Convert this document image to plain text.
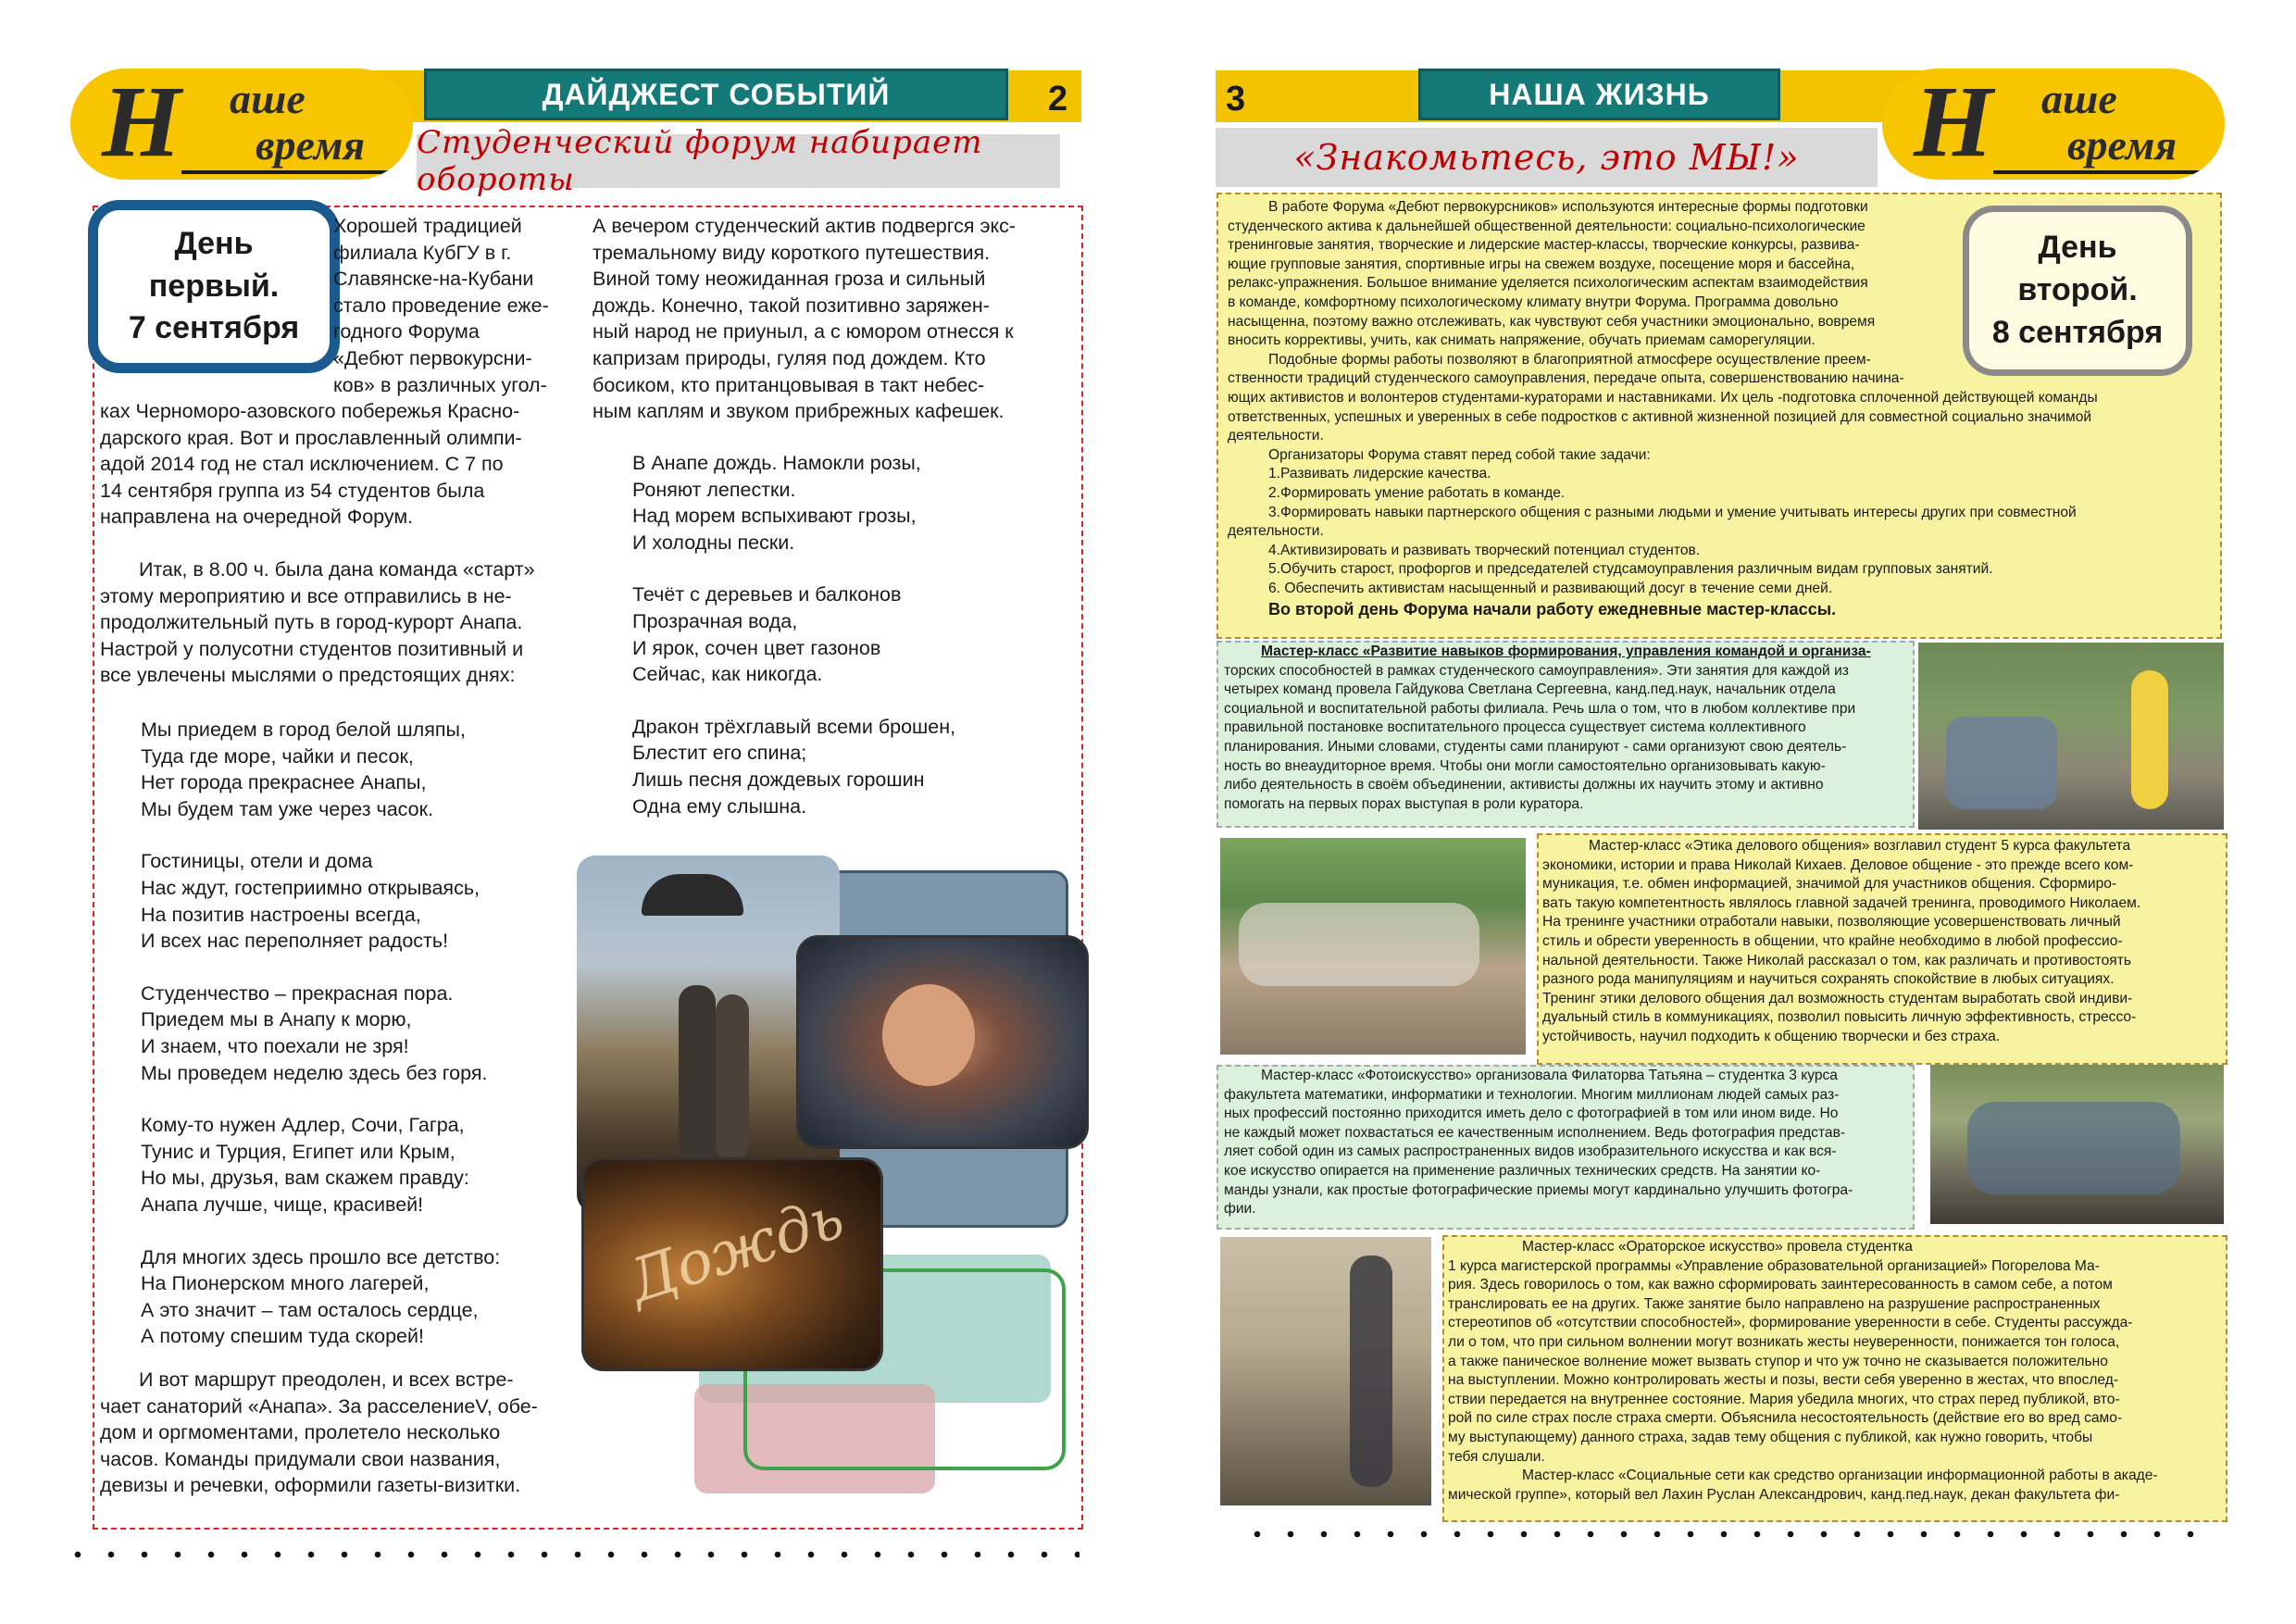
ДАЙДЖЕСТ СОБЫТИЙ	2
Н аше
время Студенческий форум набирает обороты
День
первый.
7 сентября

Хорошей традицией

филиала КубГУ в г.

Славянске-на-Кубани

стало проведение еже-

годного Форума

«Дебют первокурсни-

ков» в различных угол-

ках Черноморо-азовского побережья Красно-

дарского края. Вот и прославленный олимпи-

адой 2014 год не стал исключением. С 7 по

14 сентября группа из 54 студентов была

направлена на очередной Форум.

Итак, в 8.00 ч. была дана команда «старт»

этому мероприятию и все отправились в не-

продолжительный путь в город-курорт Анапа.

Настрой у полусотни студентов позитивный и

все увлечены мыслями о предстоящих днях:

Мы приедем в город белой шляпы,

Туда где море, чайки и песок,

Нет города прекраснее Анапы,

Мы будем там уже через часок.

Гостиницы, отели и дома

Нас ждут, гостеприимно открываясь,

На позитив настроены всегда,

И всех нас переполняет радость!

Студенчество – прекрасная пора.

Приедем мы в Анапу к морю,

И знаем, что поехали не зря!

Мы проведем неделю здесь без горя.

Кому-то нужен Адлер, Сочи, Гагра,

Тунис и Турция, Египет или Крым,

Но мы, друзья, вам скажем правду:

Анапа лучше, чище, красивей!

Для многих здесь прошло все детство:

На Пионерском много лагерей,

А это значит – там осталось сердце,

А потому спешим туда скорей!

И вот маршрут преодолен, и всех встре-

чает санаторий «Анапа». За расселениеV, обе-

дом и оргмоментами, пролетело несколько

часов. Команды придумали свои названия,

девизы и речевки, оформили газеты-визитки.

А вечером студенческий актив подвергся экс-

тремальному виду короткого путешествия.

Виной тому неожиданная гроза и сильный

дождь. Конечно, такой позитивно заряжен-

ный народ не приуныл, а с юмором отнесся к

капризам природы, гуляя под дождем. Кто

босиком, кто пританцовывая в такт небес-

ным каплям и звуком прибрежных кафешек.

В Анапе дождь. Намокли розы,

Роняют лепестки.

Над морем вспыхивают грозы,

И холодны пески.

Течёт с деревьев и балконов

Прозрачная вода,

И ярок, сочен цвет газонов

Сейчас, как никогда.

Дракон трёхглавый всеми брошен,

Блестит его спина;

Лишь песня дождевых горошин

Одна ему слышна.

Дождь
3	НАША ЖИЗНЬ	Н аше
время
«Знакомьтесь, это МЫ!»

В работе Форума «Дебют первокурсников» используются интересные формы подготовки

студенческого актива к дальнейшей общественной деятельности: социально-психологические

тренинговые занятия, творческие и лидерские мастер-классы, творческие конкурсы, развива-

ющие групповые занятия, спортивные игры на свежем воздухе, посещение моря и бассейна,

релакс-упражнения. Большое внимание уделяется психологическим аспектам взаимодействия

в команде, комфортному психологическому климату внутри Форума. Программа довольно

насыщенна, поэтому важно отслеживать, как чувствуют себя участники эмоционально, вовремя

вносить коррективы, учить, как снимать напряжение, обучать приемам саморегуляции.

Подобные формы работы позволяют в благоприятной атмосфере осуществление преем-

ственности традиций студенческого самоуправления, передаче опыта, совершенствованию начина-

ющих активистов и волонтеров студентами-кураторами и наставниками. Их цель -подготовка сплоченной действующей команды

ответственных, успешных и уверенных в себе подростков с активной жизненной позицией для совместной социально значимой

деятельности.

Организаторы Форума ставят перед собой такие задачи:

1.Развивать лидерские качества.

2.Формировать умение работать в команде.

3.Формировать навыки партнерского общения с разными людьми и умение учитывать интересы других при совместной

деятельности.

4.Активизировать и развивать творческий потенциал студентов.

5.Обучить старост, профоргов и председателей студсамоуправления различным видам групповых занятий.

6. Обеспечить активистам насыщенный и развивающий досуг в течение семи дней.

Во второй день Форума начали работу ежедневные мастер-классы.

День
второй.
8 сентября

Мастер-класс «Развитие навыков формирования, управления командой и организа-

торских способностей в рамках студенческого самоуправления». Эти занятия для каждой из

четырех команд провела Гайдукова Светлана Сергеевна, канд.пед.наук, начальник отдела

социальной и воспитательной работы филиала. Речь шла о том, что в любом коллективе при

правильной постановке воспитательного процесса существует система коллективного

планирования. Иными словами, студенты сами планируют - сами организуют свою деятель-

ность во внеаудиторное время. Чтобы они могли самостоятельно организовывать какую-

либо деятельность в своём объединении, активисты должны их научить этому и активно

помогать на первых порах выступая в роли куратора.

Мастер-класс «Этика делового общения» возглавил студент 5 курса факультета

экономики, истории и права Николай Кихаев. Деловое общение - это прежде всего ком-

муникация, т.е. обмен информацией, значимой для участников общения. Сформиро-

вать такую компетентность являлось главной задачей тренинга, проводимого Николаем.

На тренинге участники отработали навыки, позволяющие усовершенствовать личный

стиль и обрести уверенность в общении, что крайне необходимо в любой профессио-

нальной деятельности. Также Николай рассказал о том, как различать и противостоять

разного рода манипуляциям и научиться сохранять спокойствие в любых ситуациях.

Тренинг этики делового общения дал возможность студентам выработать свой индиви-

дуальный стиль в коммуникациях, позволил повысить личную эффективность, стрессо-

устойчивость, научил подходить к общению творчески и без страха.

Мастер-класс «Фотоискусство» организовала Филаторва Татьяна – студентка 3 курса

факультета математики, информатики и технологии. Многим миллионам людей самых раз-

ных профессий постоянно приходится иметь дело с фотографией в том или ином виде. Но

не каждый может похвастаться ее качественным исполнением. Ведь фотография представ-

ляет собой один из самых распространенных видов изобразительного искусства и как вся-

кое искусство опирается на применение различных технических средств. На занятии ко-

манды узнали, как простые фотографические приемы могут кардинально улучшить фотогра-

фии.

Мастер-класс «Ораторское искусство» провела студентка

1 курса магистерской программы «Управление образовательной организацией» Погорелова Ма-

рия. Здесь говорилось о том, как важно сформировать заинтересованность в самом себе, а потом

транслировать ее на других. Также занятие было направлено на разрушение распространенных

стереотипов об «отсутствии способностей», формирование уверенности в себе. Студенты рассужда-

ли о том, что при сильном волнении могут возникать жесты неуверенности, понижается тон голоса,

а также паническое волнение может вызвать ступор и что уж точно не сказывается положительно

на выступлении. Можно контролировать жесты и позы, вести себя уверенно в жестах, что впослед-

ствии передается на внутреннее состояние. Мария убедила многих, что страх перед публикой, вто-

рой по силе страх после страха смерти. Объяснила несостоятельность (действие его во вред само-

му выступающему) данного страха, задав тему общения с публикой, как нужно говорить, чтобы

тебя слушали.

Мастер-класс «Социальные сети как средство организации информационной работы в акаде-

мической группе», который вел Лахин Руслан Александрович, канд.пед.наук, декан факультета фи-
